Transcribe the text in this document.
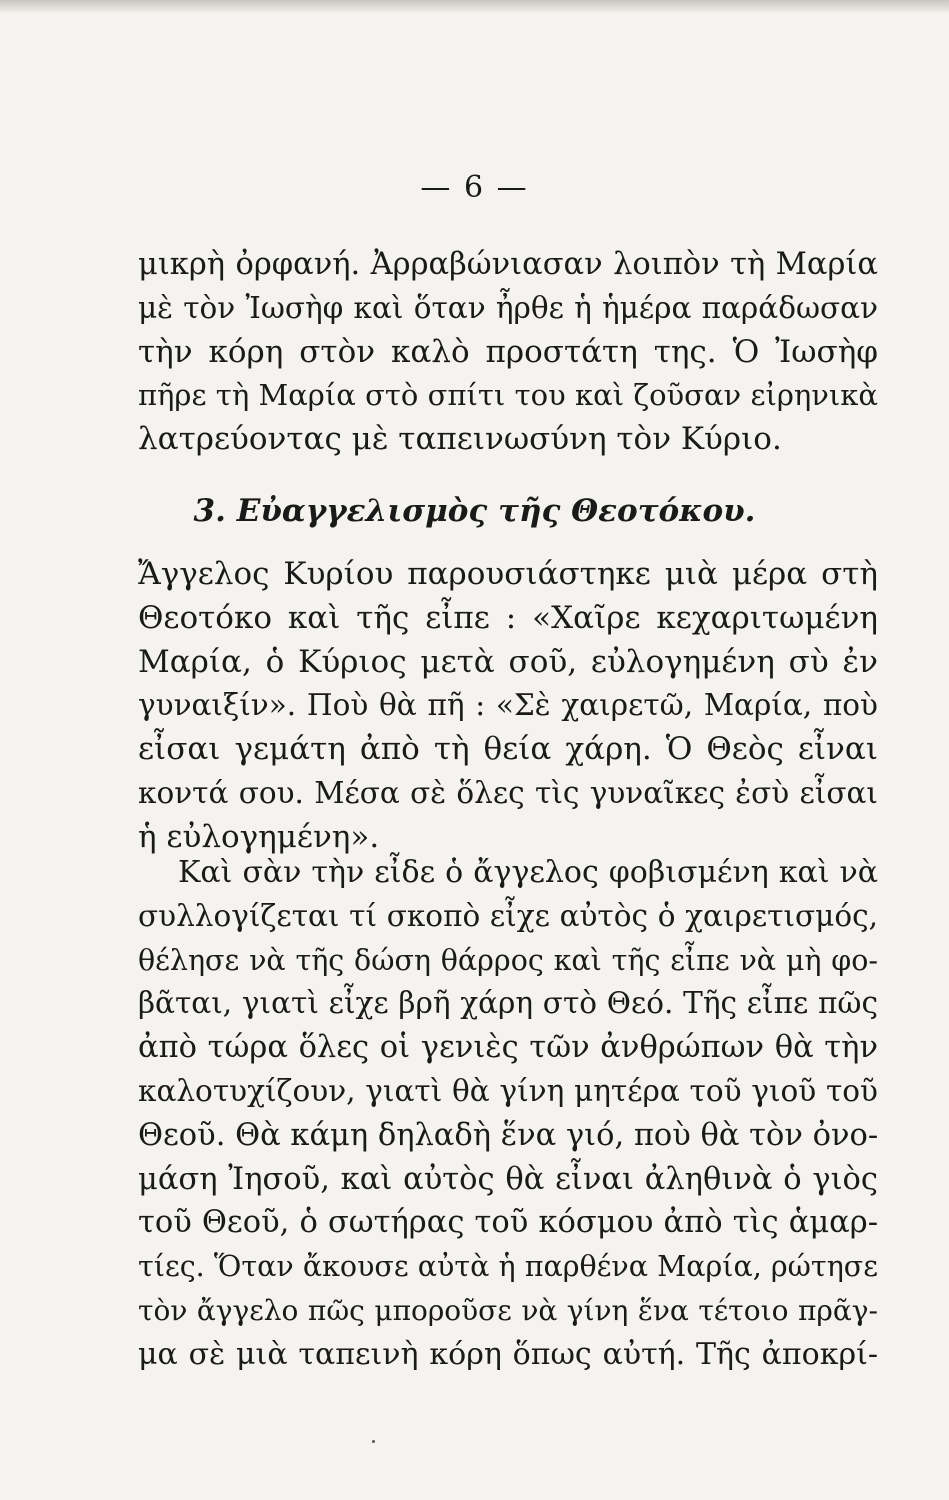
— 6 —
μικρὴ ὀρφανή. Ἀρραβώνιασαν λοιπὸν τὴ Μαρία
μὲ τὸν Ἰωσὴφ καὶ ὅταν ἦρθε ἡ ἡμέρα παράδωσαν
τὴν κόρη στὸν καλὸ προστάτη της. Ὁ Ἰωσὴφ
πῆρε τὴ Μαρία στὸ σπίτι του καὶ ζοῦσαν εἰρηνικὰ
λατρεύοντας μὲ ταπεινωσύνη τὸν Κύριο.
3. Εὐαγγελισμὸς τῆς Θεοτόκου.
Ἄγγελος Κυρίου παρουσιάστηκε μιὰ μέρα στὴ
Θεοτόκο καὶ τῆς εἶπε : «Χαῖρε κεχαριτωμένη
Μαρία, ὁ Κύριος μετὰ σοῦ, εὐλογημένη σὺ ἐν
γυναιξίν». Ποὺ θὰ πῆ : «Σὲ χαιρετῶ, Μαρία, ποὺ
εἶσαι γεμάτη ἀπὸ τὴ θεία χάρη. Ὁ Θεὸς εἶναι
κοντά σου. Μέσα σὲ ὅλες τὶς γυναῖκες ἐσὺ εἶσαι
ἡ εὐλογημένη».
Καὶ σὰν τὴν εἶδε ὁ ἄγγελος φοβισμένη καὶ νὰ
συλλογίζεται τί σκοπὸ εἶχε αὐτὸς ὁ χαιρετισμός,
θέλησε νὰ τῆς δώση θάρρος καὶ τῆς εἶπε νὰ μὴ φο-
βᾶται, γιατὶ εἶχε βρῆ χάρη στὸ Θεό. Τῆς εἶπε πῶς
ἀπὸ τώρα ὅλες οἱ γενιὲς τῶν ἀνθρώπων θὰ τὴν
καλοτυχίζουν, γιατὶ θὰ γίνη μητέρα τοῦ γιοῦ τοῦ
Θεοῦ. Θὰ κάμη δηλαδὴ ἕνα γιό, ποὺ θὰ τὸν ὀνο-
μάση Ἰησοῦ, καὶ αὐτὸς θὰ εἶναι ἀληθινὰ ὁ γιὸς
τοῦ Θεοῦ, ὁ σωτήρας τοῦ κόσμου ἀπὸ τὶς ἁμαρ-
τίες. Ὅταν ἄκουσε αὐτὰ ἡ παρθένα Μαρία, ρώτησε
τὸν ἄγγελο πῶς μποροῦσε νὰ γίνη ἕνα τέτοιο πρᾶγ-
μα σὲ μιὰ ταπεινὴ κόρη ὅπως αὐτή. Τῆς ἀποκρί-
